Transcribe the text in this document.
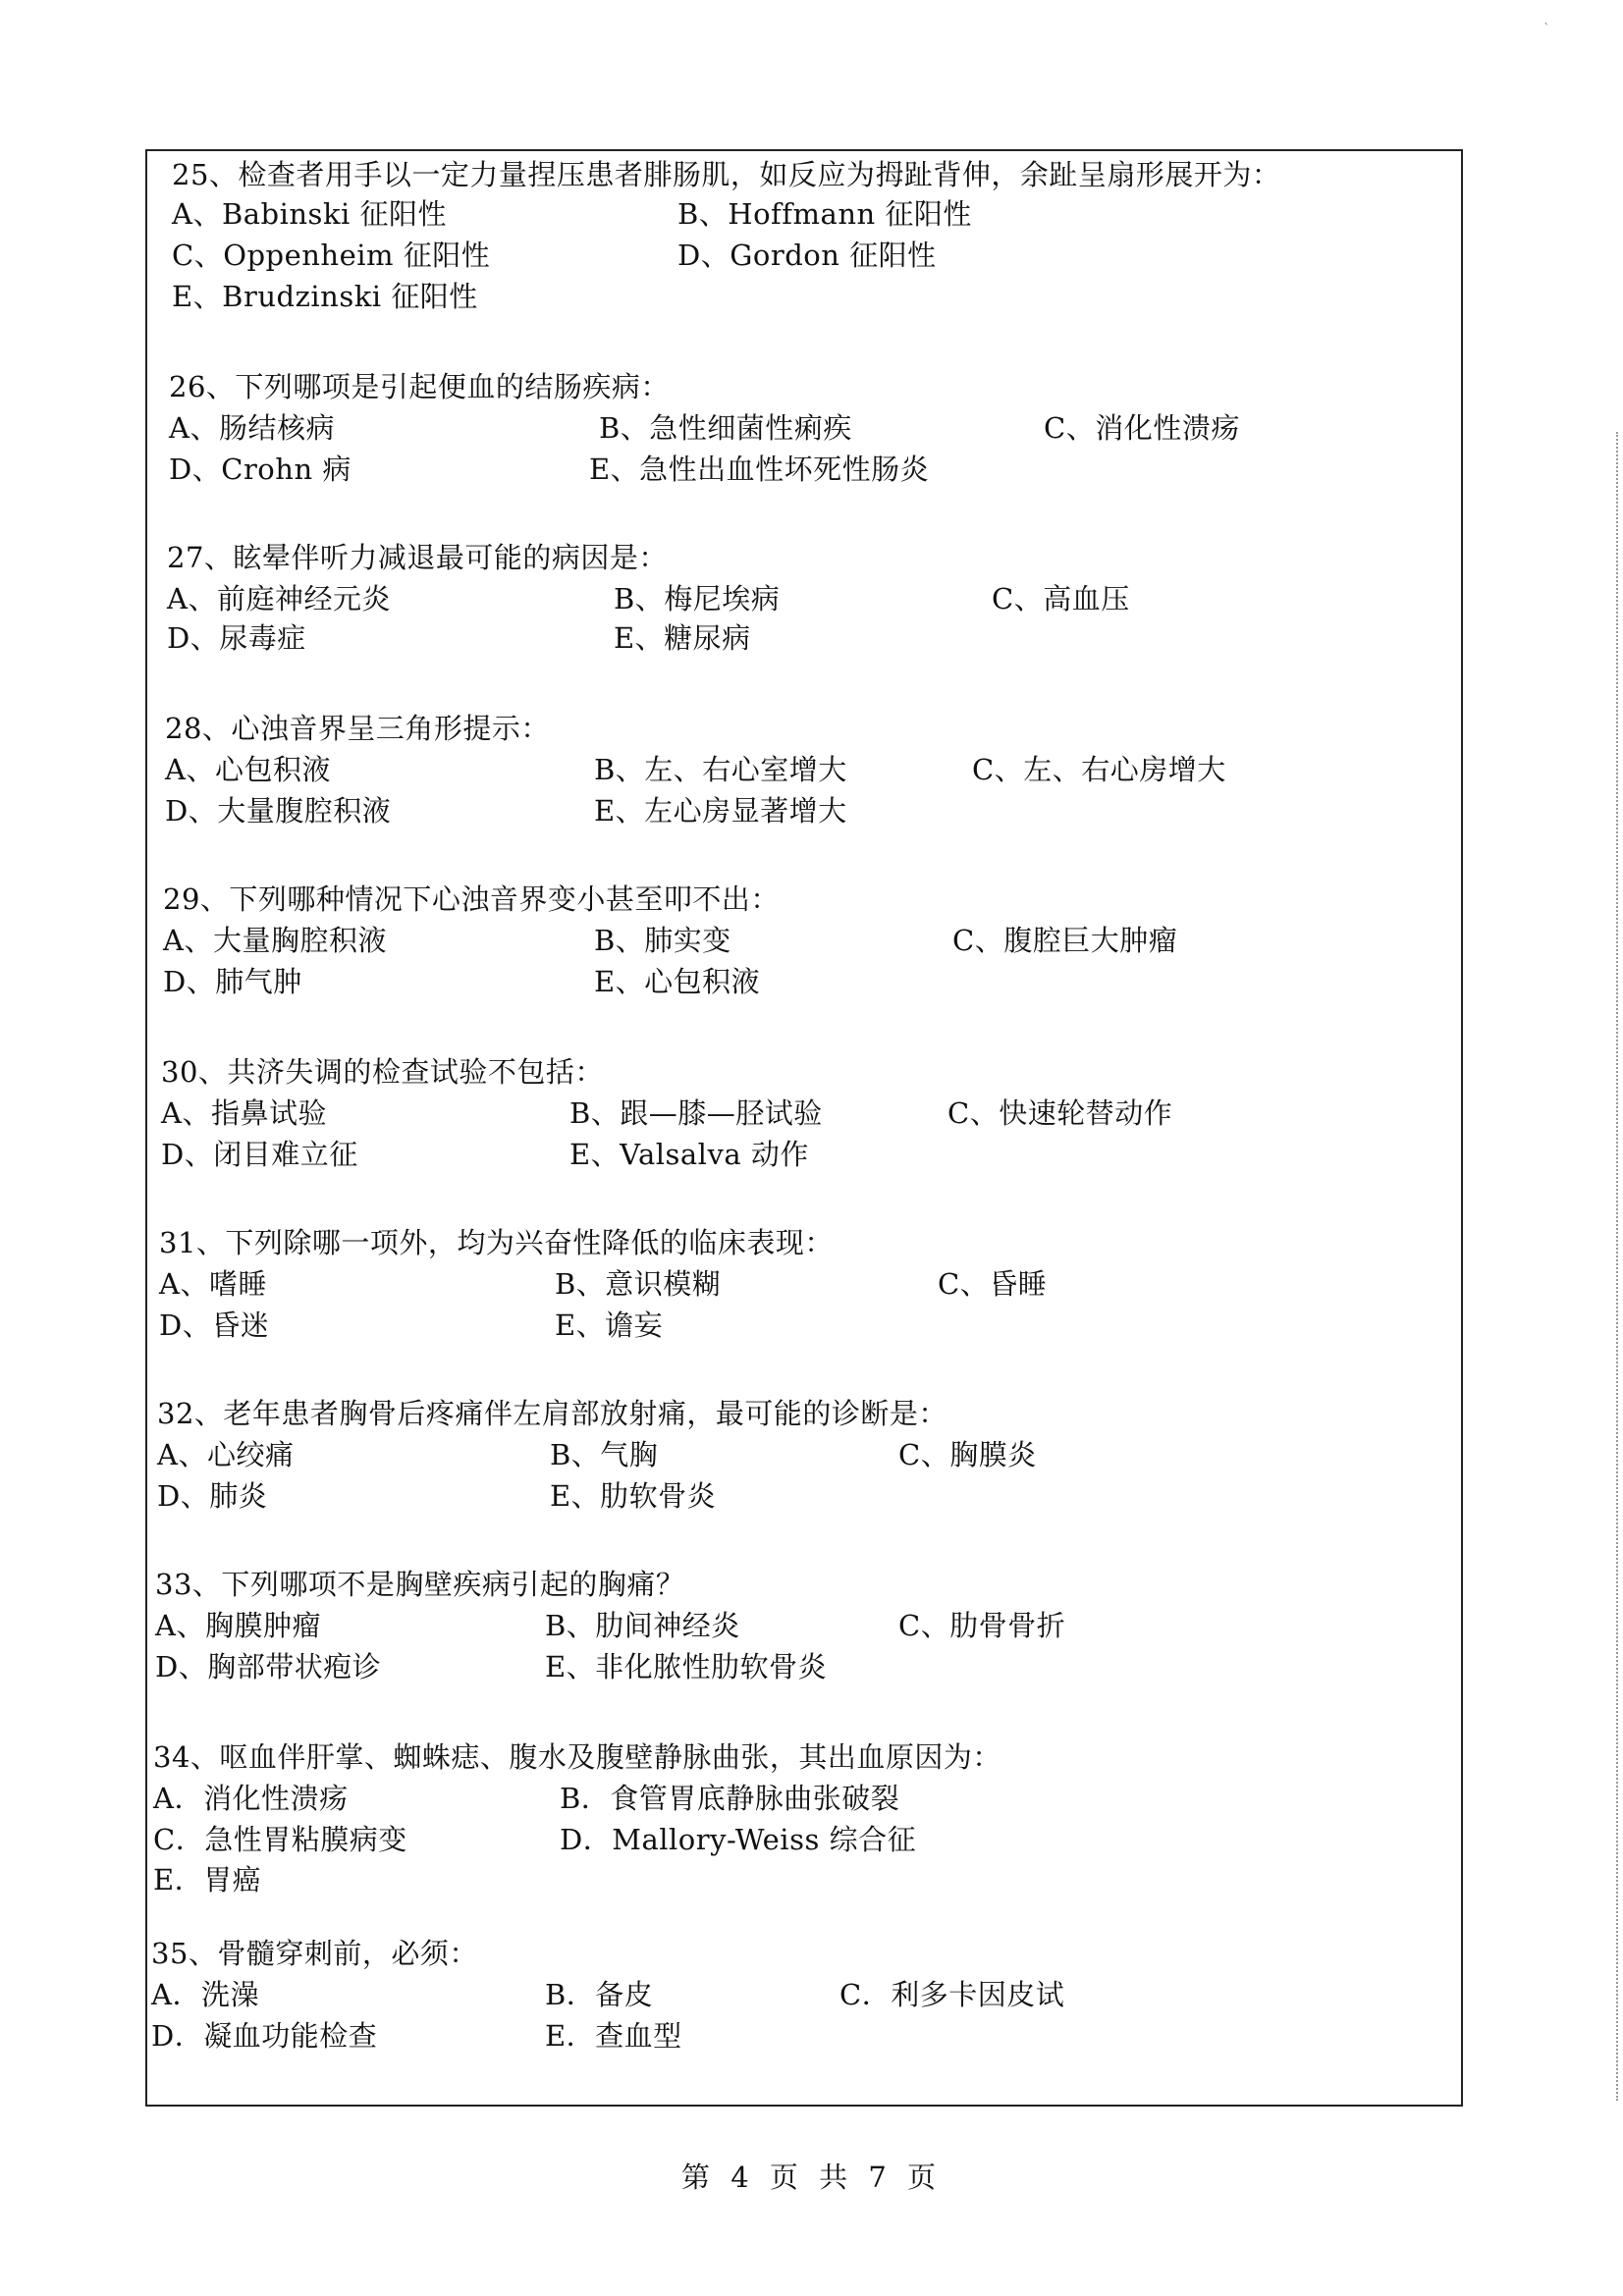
ˋ
25、检查者用手以一定力量捏压患者腓肠肌，如反应为拇趾背伸，余趾呈扇形展开为：
A、Babinski 征阳性	B、Hoffmann 征阳性
C、Oppenheim 征阳性	D、Gordon 征阳性
E、Brudzinski 征阳性
26、下列哪项是引起便血的结肠疾病：
A、肠结核病	B、急性细菌性痢疾	C、消化性溃疡
D、Crohn 病	E、急性出血性坏死性肠炎
27、眩晕伴听力减退最可能的病因是：
A、前庭神经元炎	B、梅尼埃病	C、高血压
D、尿毒症	E、糖尿病
28、心浊音界呈三角形提示：
A、心包积液	B、左、右心室增大	C、左、右心房增大
D、大量腹腔积液	E、左心房显著增大
29、下列哪种情况下心浊音界变小甚至叩不出：
A、大量胸腔积液	B、肺实变	C、腹腔巨大肿瘤
D、肺气肿	E、心包积液
30、共济失调的检查试验不包括：
A、指鼻试验	B、跟—膝—胫试验	C、快速轮替动作
D、闭目难立征	E、Valsalva 动作
31、下列除哪一项外，均为兴奋性降低的临床表现：
A、嗜睡	B、意识模糊	C、昏睡
D、昏迷	E、谵妄
32、老年患者胸骨后疼痛伴左肩部放射痛，最可能的诊断是：
A、心绞痛	B、气胸	C、胸膜炎
D、肺炎	E、肋软骨炎
33、下列哪项不是胸壁疾病引起的胸痛？
A、胸膜肿瘤	B、肋间神经炎	C、肋骨骨折
D、胸部带状疱诊	E、非化脓性肋软骨炎
34、呕血伴肝掌、蜘蛛痣、腹水及腹壁静脉曲张，其出血原因为：
A．消化性溃疡	B．食管胃底静脉曲张破裂
C．急性胃粘膜病变	D．Mallory-Weiss 综合征
E．胃癌
35、骨髓穿刺前，必须：
A．洗澡	B．备皮	C．利多卡因皮试
D．凝血功能检查	E．查血型
第 4 页 共 7 页
